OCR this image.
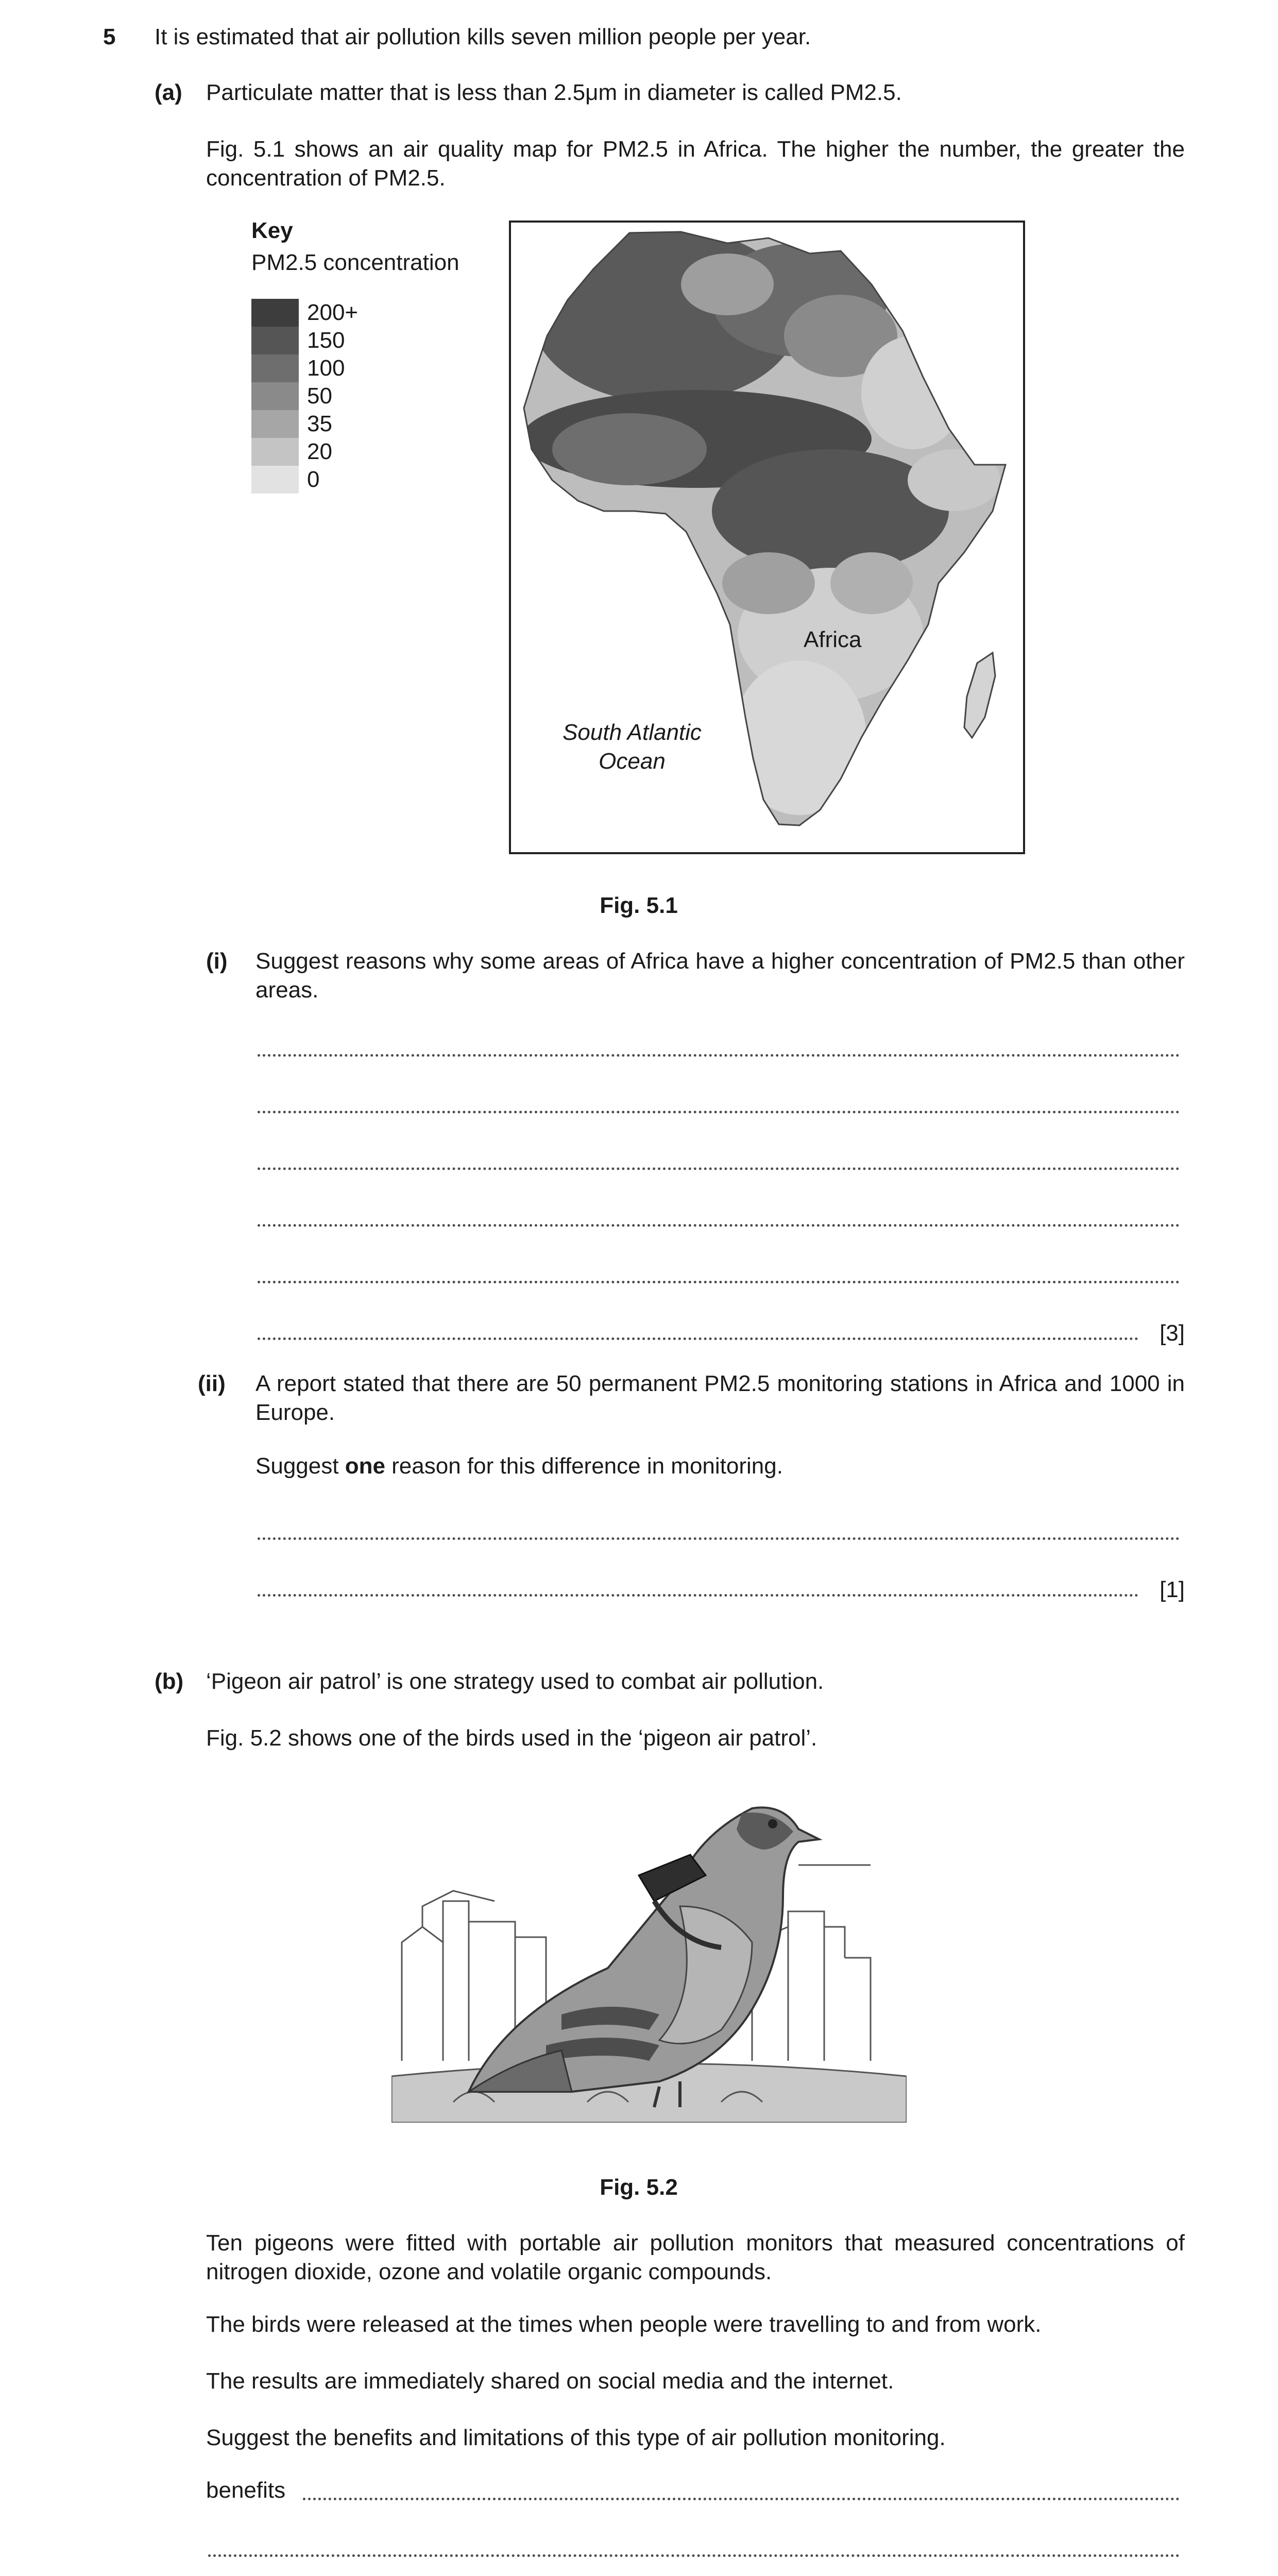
5 It is estimated that air pollution kills seven million people per year.

(a) Particulate matter that is less than 2.5μm in diameter is called PM2.5.

Fig. 5.1 shows an air quality map for PM2.5 in Africa. The higher the number, the greater the concentration of PM2.5.

Key

PM2.5 concentration

200+
150
100
50
35
20
0
Africa
South Atlantic
Ocean

Fig. 5.1

(i) Suggest reasons why some areas of Africa have a higher concentration of PM2.5 than other areas.

[3]

(ii) A report stated that there are 50 permanent PM2.5 monitoring stations in Africa and 1000 in Europe.

Suggest one reason for this difference in monitoring.

[1]

(b) ‘Pigeon air patrol’ is one strategy used to combat air pollution.

Fig. 5.2 shows one of the birds used in the ‘pigeon air patrol’.

Fig. 5.2

Ten pigeons were fitted with portable air pollution monitors that measured concentrations of nitrogen dioxide, ozone and volatile organic compounds.

The birds were released at the times when people were travelling to and from work.

The results are immediately shared on social media and the internet.

Suggest the benefits and limitations of this type of air pollution monitoring.

benefits
